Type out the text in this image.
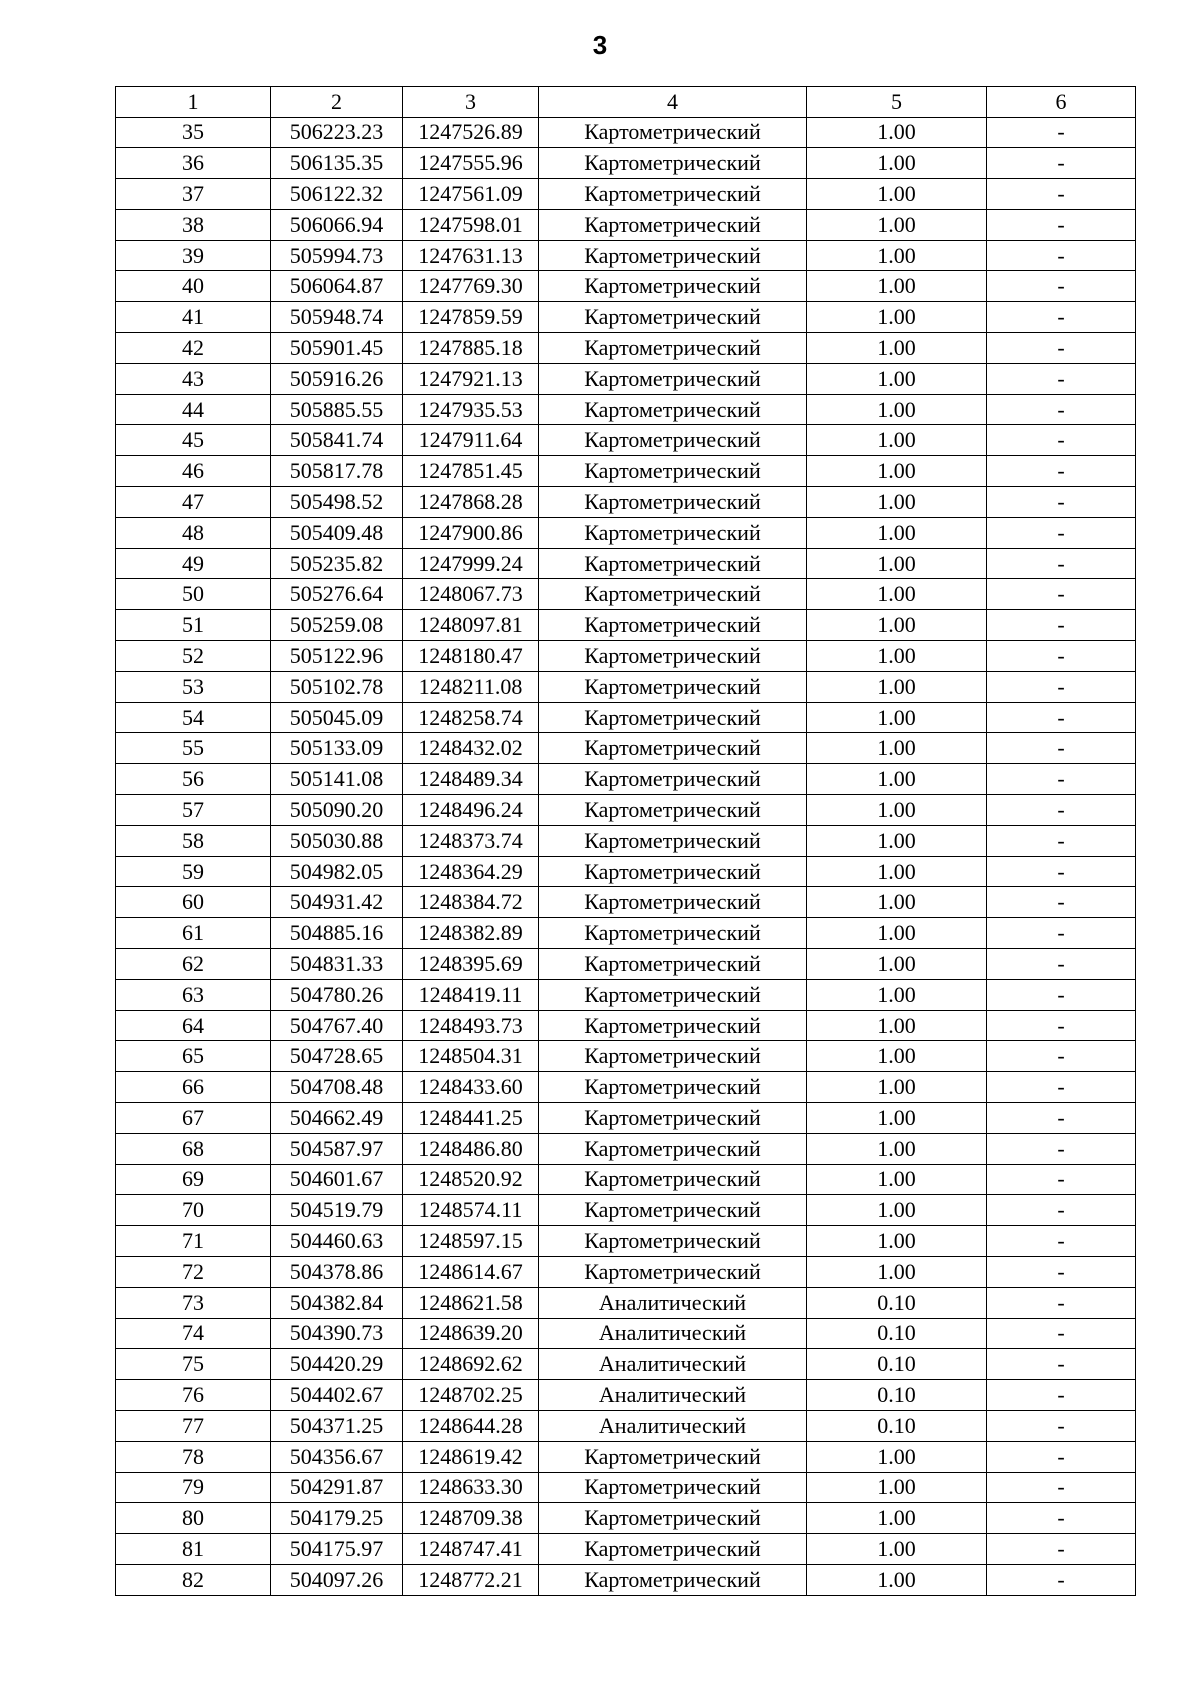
3
1	2	3	4	5	6
35	506223.23	1247526.89	Картометрический	1.00	-
36	506135.35	1247555.96	Картометрический	1.00	-
37	506122.32	1247561.09	Картометрический	1.00	-
38	506066.94	1247598.01	Картометрический	1.00	-
39	505994.73	1247631.13	Картометрический	1.00	-
40	506064.87	1247769.30	Картометрический	1.00	-
41	505948.74	1247859.59	Картометрический	1.00	-
42	505901.45	1247885.18	Картометрический	1.00	-
43	505916.26	1247921.13	Картометрический	1.00	-
44	505885.55	1247935.53	Картометрический	1.00	-
45	505841.74	1247911.64	Картометрический	1.00	-
46	505817.78	1247851.45	Картометрический	1.00	-
47	505498.52	1247868.28	Картометрический	1.00	-
48	505409.48	1247900.86	Картометрический	1.00	-
49	505235.82	1247999.24	Картометрический	1.00	-
50	505276.64	1248067.73	Картометрический	1.00	-
51	505259.08	1248097.81	Картометрический	1.00	-
52	505122.96	1248180.47	Картометрический	1.00	-
53	505102.78	1248211.08	Картометрический	1.00	-
54	505045.09	1248258.74	Картометрический	1.00	-
55	505133.09	1248432.02	Картометрический	1.00	-
56	505141.08	1248489.34	Картометрический	1.00	-
57	505090.20	1248496.24	Картометрический	1.00	-
58	505030.88	1248373.74	Картометрический	1.00	-
59	504982.05	1248364.29	Картометрический	1.00	-
60	504931.42	1248384.72	Картометрический	1.00	-
61	504885.16	1248382.89	Картометрический	1.00	-
62	504831.33	1248395.69	Картометрический	1.00	-
63	504780.26	1248419.11	Картометрический	1.00	-
64	504767.40	1248493.73	Картометрический	1.00	-
65	504728.65	1248504.31	Картометрический	1.00	-
66	504708.48	1248433.60	Картометрический	1.00	-
67	504662.49	1248441.25	Картометрический	1.00	-
68	504587.97	1248486.80	Картометрический	1.00	-
69	504601.67	1248520.92	Картометрический	1.00	-
70	504519.79	1248574.11	Картометрический	1.00	-
71	504460.63	1248597.15	Картометрический	1.00	-
72	504378.86	1248614.67	Картометрический	1.00	-
73	504382.84	1248621.58	Аналитический	0.10	-
74	504390.73	1248639.20	Аналитический	0.10	-
75	504420.29	1248692.62	Аналитический	0.10	-
76	504402.67	1248702.25	Аналитический	0.10	-
77	504371.25	1248644.28	Аналитический	0.10	-
78	504356.67	1248619.42	Картометрический	1.00	-
79	504291.87	1248633.30	Картометрический	1.00	-
80	504179.25	1248709.38	Картометрический	1.00	-
81	504175.97	1248747.41	Картометрический	1.00	-
82	504097.26	1248772.21	Картометрический	1.00	-
